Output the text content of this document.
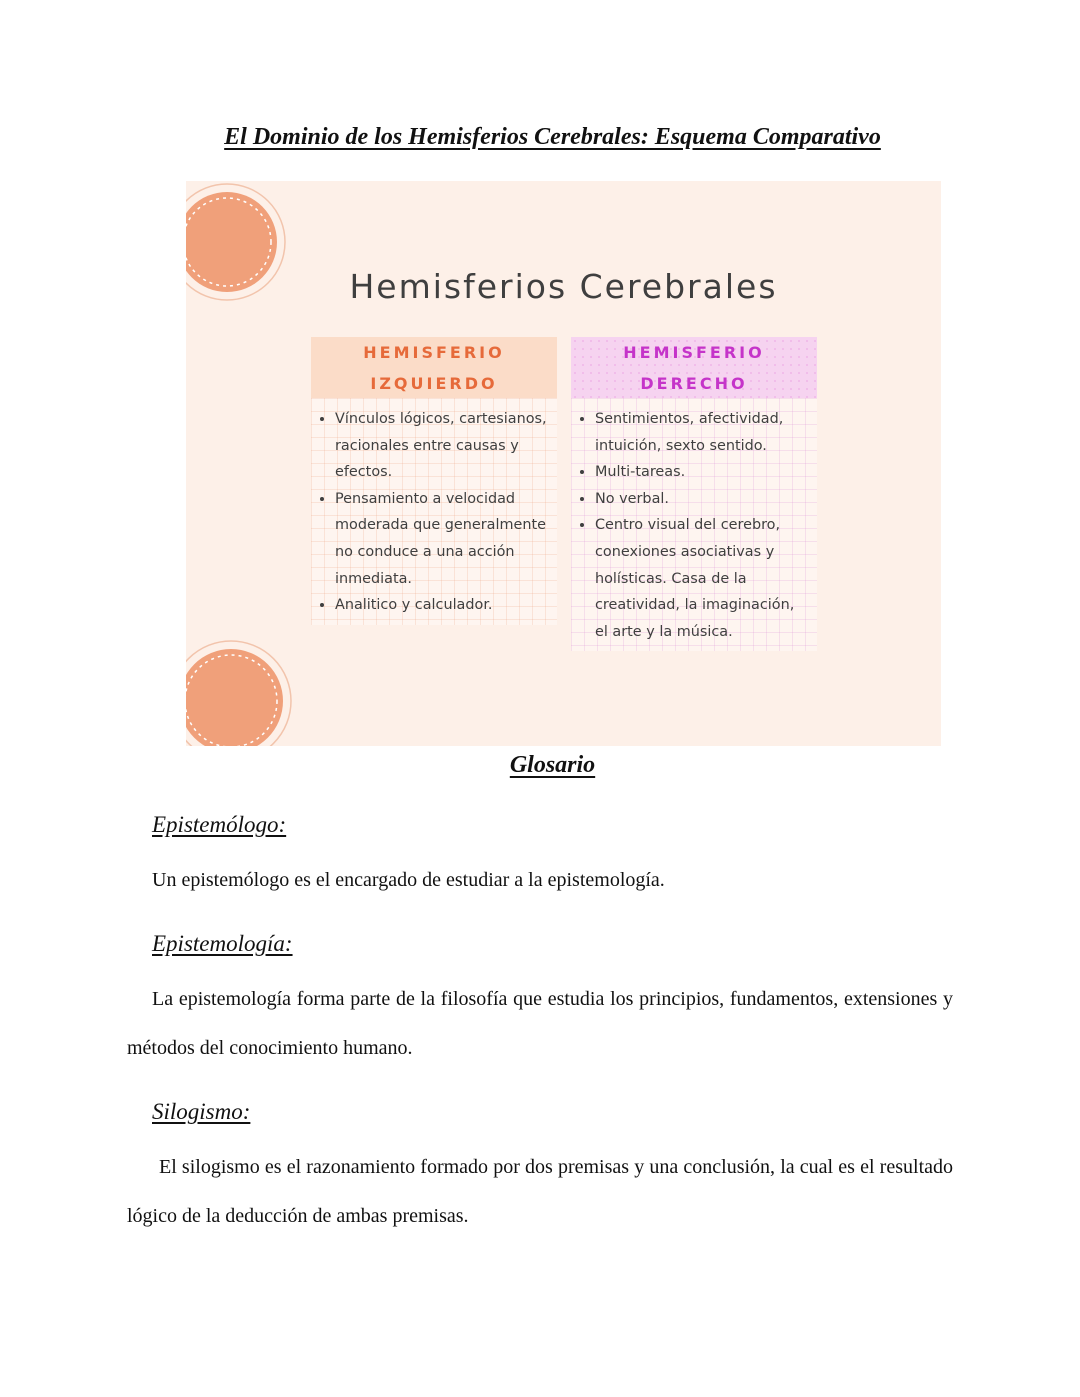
El Dominio de los Hemisferios Cerebrales: Esquema Comparativo
Hemisferios Cerebrales
HEMISFERIO
IZQUIERDO
• Vínculos lógicos, cartesianos, racionales entre causas y efectos.
• Pensamiento a velocidad moderada que generalmente no conduce a una acción inmediata.
• Analitico y calculador.
HEMISFERIO
DERECHO
• Sentimientos, afectividad, intuición, sexto sentido.
• Multi-tareas.
• No verbal.
• Centro visual del cerebro, conexiones asociativas y holísticas. Casa de la creatividad, la imaginación, el arte y la música.
Glosario
Epistemólogo:

Un epistemólogo es el encargado de estudiar a la epistemología.

Epistemología:

La epistemología forma parte de la filosofía que estudia los principios, fundamentos, extensiones y métodos del conocimiento humano.

Silogismo:

El silogismo es el razonamiento formado por dos premisas y una conclusión, la cual es el resultado lógico de la deducción de ambas premisas.
